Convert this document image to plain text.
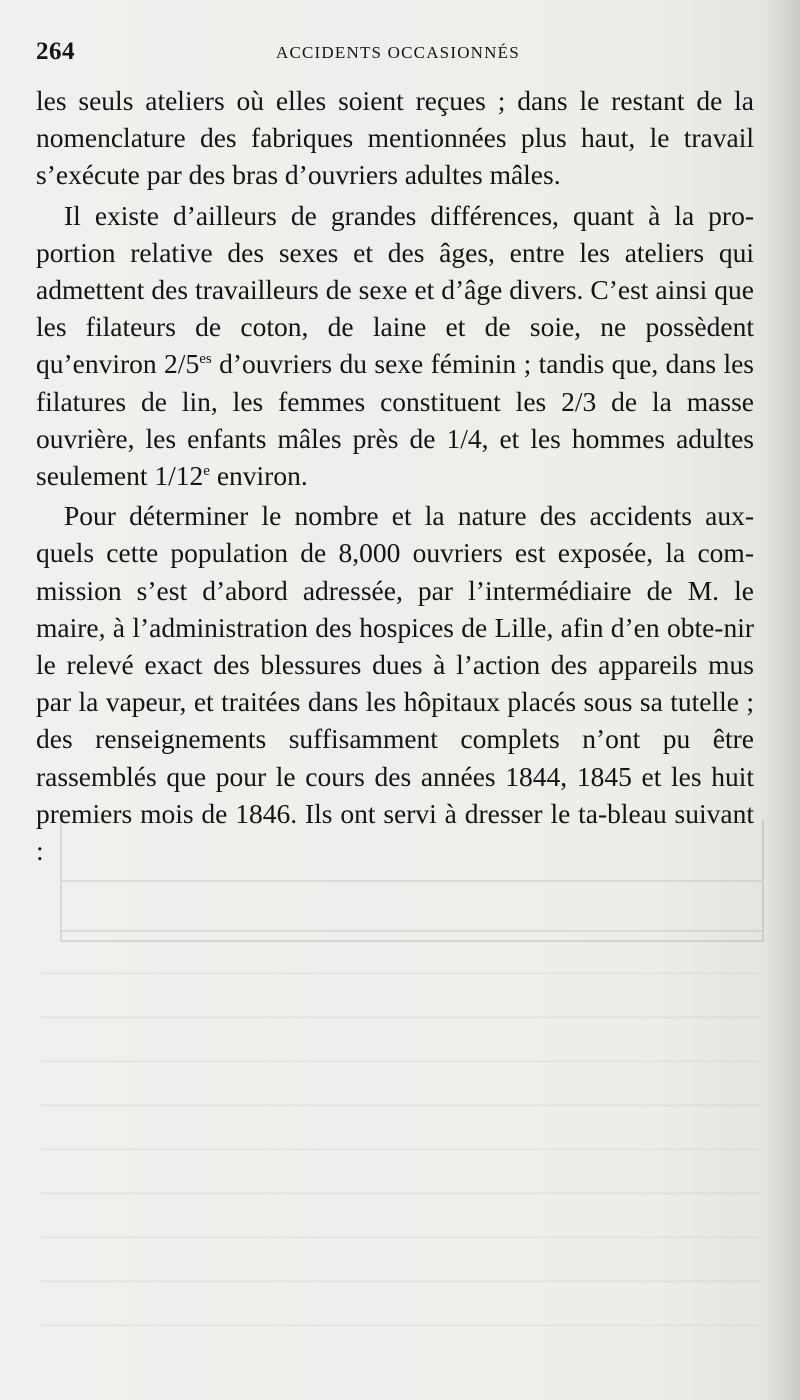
264	ACCIDENTS OCCASIONNÉS

les seuls ateliers où elles soient reçues ; dans le restant de la nomenclature des fabriques mentionnées plus haut, le travail s’exécute par des bras d’ouvriers adultes mâles.

Il existe d’ailleurs de grandes différences, quant à la pro-portion relative des sexes et des âges, entre les ateliers qui admettent des travailleurs de sexe et d’âge divers. C’est ainsi que les filateurs de coton, de laine et de soie, ne possèdent qu’environ $2/5^{es}$ d’ouvriers du sexe féminin ; tandis que, dans les filatures de lin, les femmes constituent les 2/3 de la masse ouvrière, les enfants mâles près de 1/4, et les hommes adultes seulement 1/12e environ.

Pour déterminer le nombre et la nature des accidents aux-quels cette population de 8,000 ouvriers est exposée, la com-mission s’est d’abord adressée, par l’intermédiaire de M. le maire, à l’administration des hospices de Lille, afin d’en obte-nir le relevé exact des blessures dues à l’action des appareils mus par la vapeur, et traitées dans les hôpitaux placés sous sa tutelle ; des renseignements suffisamment complets n’ont pu être rassemblés que pour le cours des années 1844, 1845 et les huit premiers mois de 1846. Ils ont servi à dresser le ta-bleau suivant :
